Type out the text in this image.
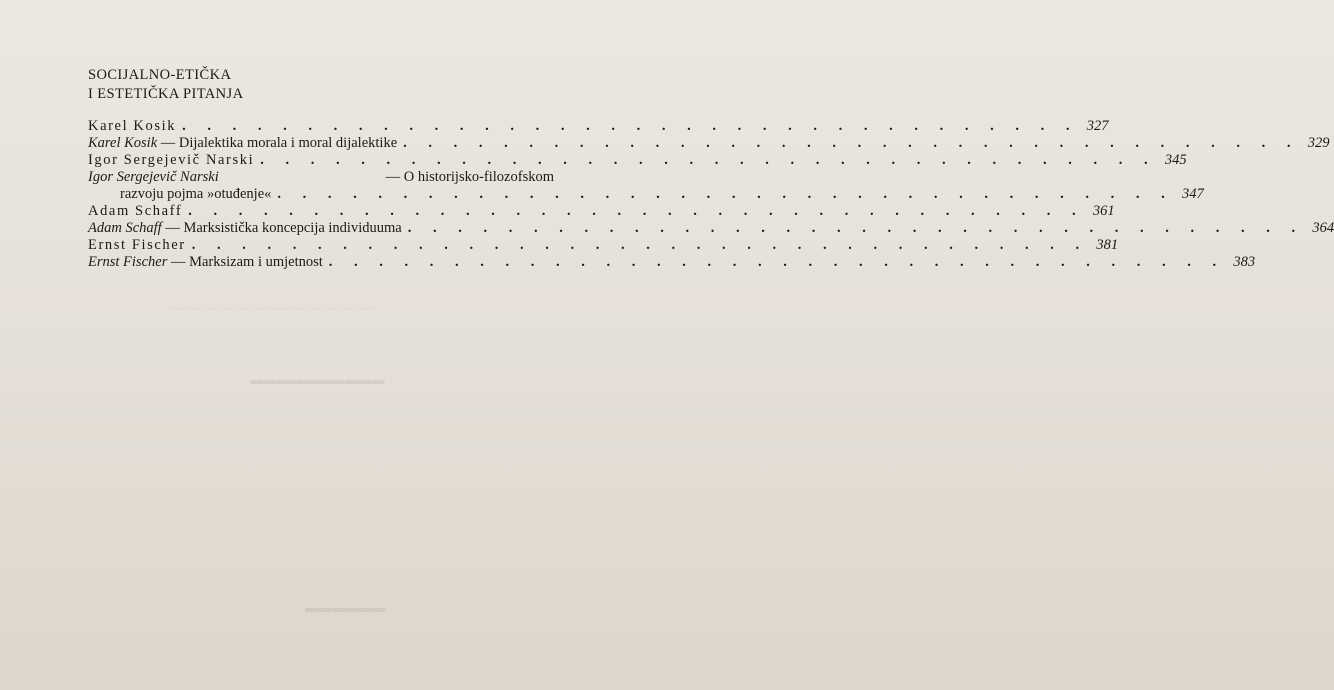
— — — — — — — — — — — —
▬▬▬▬▬▬▬▬▬▬
▬▬▬▬▬▬
SOCIJALNO-ETIČKA
I ESTETIČKA PITANJA
Karel Kosik . . . . . . . . . . . . . . . . . . . . . . . . . . . . . . . . . . . . 327
Karel Kosik — Dijalektika morala i moral dijalektike . . . . . . . . . . . . . . . . . . . . . . . . . . . . . . . . . . . . 329
Igor Sergejevič Narski . . . . . . . . . . . . . . . . . . . . . . . . . . . . . . . . . . . . 345
Igor Sergejevič Narski	— O historijsko-filozofskom
razvoju pojma »otuđenje« . . . . . . . . . . . . . . . . . . . . . . . . . . . . . . . . . . . . 347
Adam Schaff . . . . . . . . . . . . . . . . . . . . . . . . . . . . . . . . . . . . 361
Adam Schaff — Marksistička koncepcija individuuma . . . . . . . . . . . . . . . . . . . . . . . . . . . . . . . . . . . . 364
Ernst Fischer . . . . . . . . . . . . . . . . . . . . . . . . . . . . . . . . . . . . 381
Ernst Fischer — Marksizam i umjetnost . . . . . . . . . . . . . . . . . . . . . . . . . . . . . . . . . . . . 383
